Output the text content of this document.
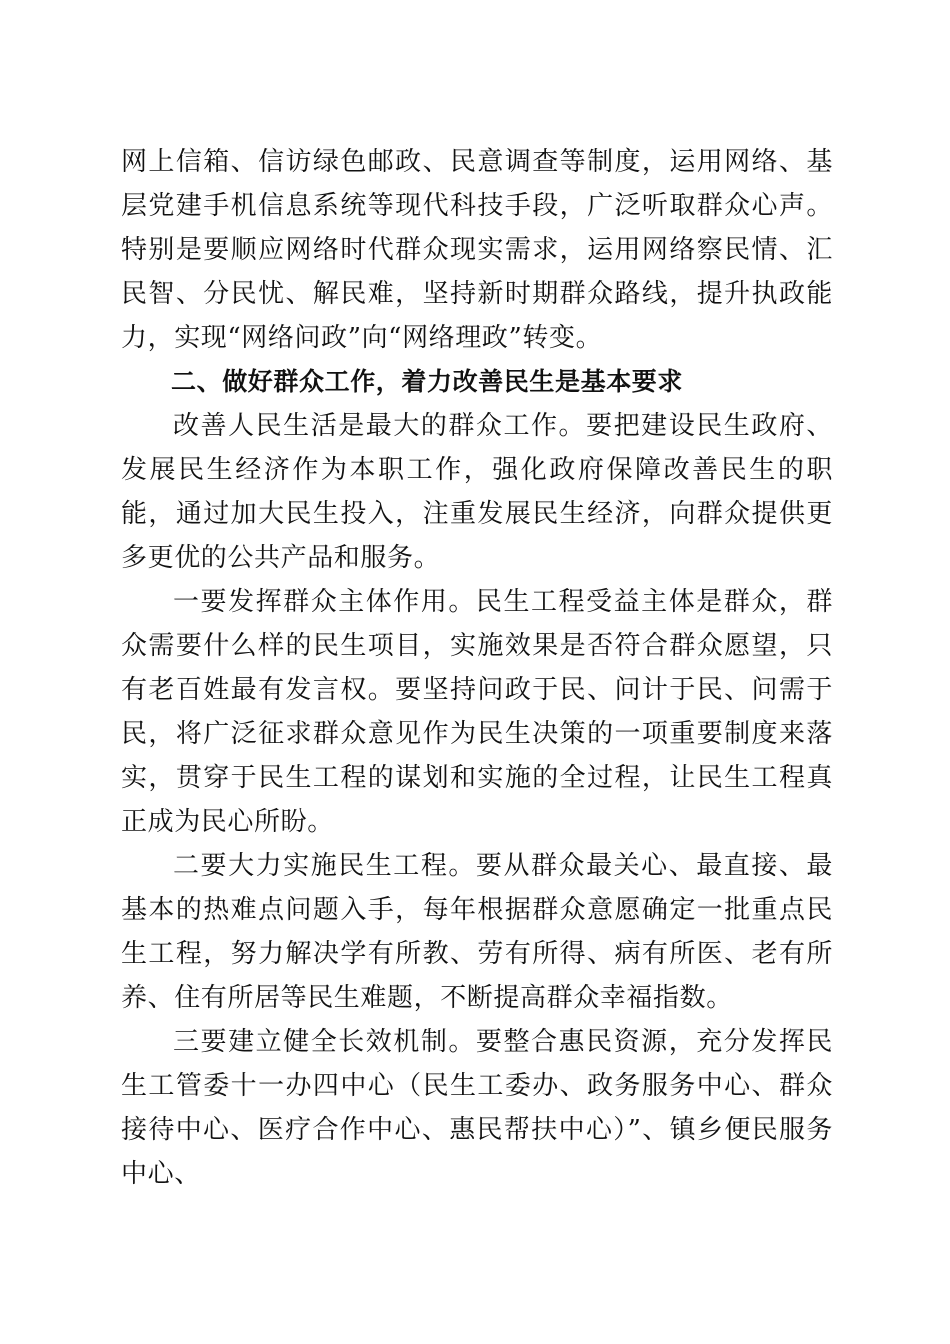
网上信箱、信访绿色邮政、民意调查等制度，运用网络、基层党建手机信息系统等现代科技手段，广泛听取群众心声。特别是要顺应网络时代群众现实需求，运用网络察民情、汇民智、分民忧、解民难，坚持新时期群众路线，提升执政能力，实现“网络问政”向“网络理政”转变。

二、做好群众工作，着力改善民生是基本要求

改善人民生活是最大的群众工作。要把建设民生政府、发展民生经济作为本职工作，强化政府保障改善民生的职能，通过加大民生投入，注重发展民生经济，向群众提供更多更优的公共产品和服务。

一要发挥群众主体作用。民生工程受益主体是群众，群众需要什么样的民生项目，实施效果是否符合群众愿望，只有老百姓最有发言权。要坚持问政于民、问计于民、问需于民，将广泛征求群众意见作为民生决策的一项重要制度来落实，贯穿于民生工程的谋划和实施的全过程，让民生工程真正成为民心所盼。

二要大力实施民生工程。要从群众最关心、最直接、最基本的热难点问题入手，每年根据群众意愿确定一批重点民生工程，努力解决学有所教、劳有所得、病有所医、老有所养、住有所居等民生难题，不断提高群众幸福指数。

三要建立健全长效机制。要整合惠民资源，充分发挥民生工管委十一办四中心（民生工委办、政务服务中心、群众接待中心、医疗合作中心、惠民帮扶中心）”、镇乡便民服务中心、
